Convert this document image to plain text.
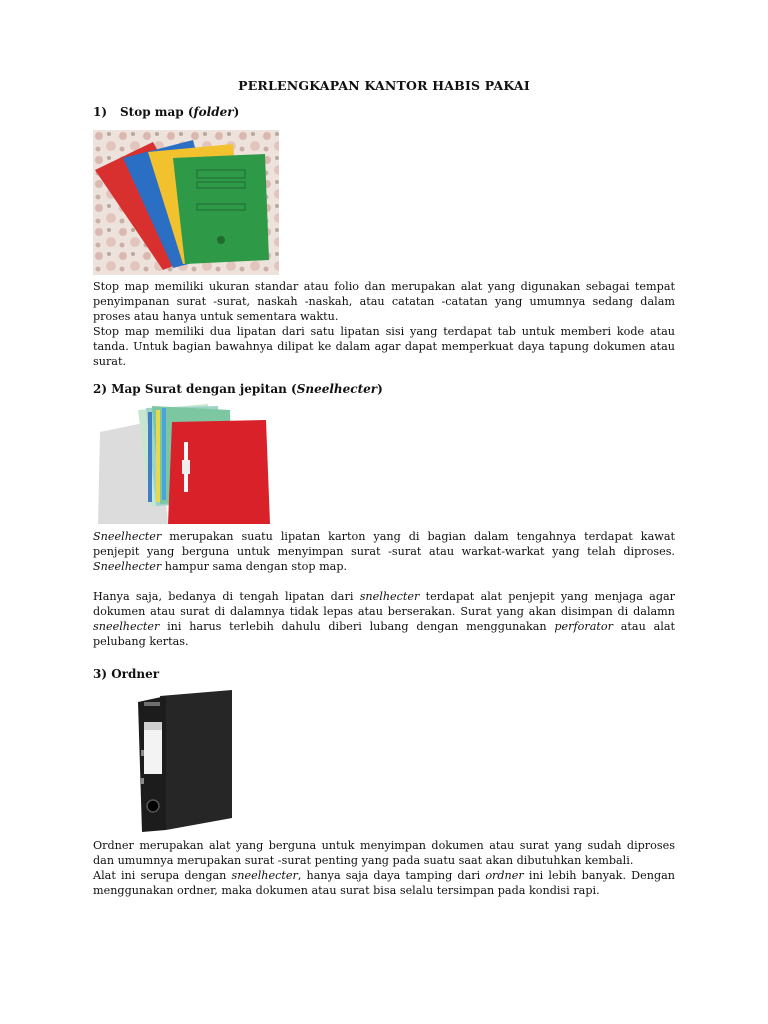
PERLENGKAPAN KANTOR HABIS PAKAI
1) Stop map (folder)

Stop map memiliki ukuran standar atau folio dan merupakan alat yang digunakan sebagai tempat penyimpanan surat -surat, naskah -naskah, atau catatan -catatan yang umumnya sedang dalam proses atau hanya untuk sementara waktu.

Stop map memiliki dua lipatan dari satu lipatan sisi yang terdapat tab untuk memberi kode atau tanda. Untuk bagian bawahnya dilipat ke dalam agar dapat memperkuat daya tapung dokumen atau surat.

2) Map Surat dengan jepitan (Sneelhecter)

Sneelhecter merupakan suatu lipatan karton yang di bagian dalam tengahnya terdapat kawat penjepit yang berguna untuk menyimpan surat -surat atau warkat-warkat yang telah diproses. Sneelhecter hampur sama dengan stop map.

Hanya saja, bedanya di tengah lipatan dari snelhecter terdapat alat penjepit yang menjaga agar dokumen atau surat di dalamnya tidak lepas atau berserakan. Surat yang akan disimpan di dalamn sneelhecter ini harus terlebih dahulu diberi lubang dengan menggunakan perforator atau alat pelubang kertas.

3) Ordner

Ordner merupakan alat yang berguna untuk menyimpan dokumen atau surat yang sudah diproses dan umumnya merupakan surat -surat penting yang pada suatu saat akan dibutuhkan kembali.

Alat ini serupa dengan sneelhecter, hanya saja daya tamping dari ordner ini lebih banyak. Dengan menggunakan ordner, maka dokumen atau surat bisa selalu tersimpan pada kondisi rapi.
